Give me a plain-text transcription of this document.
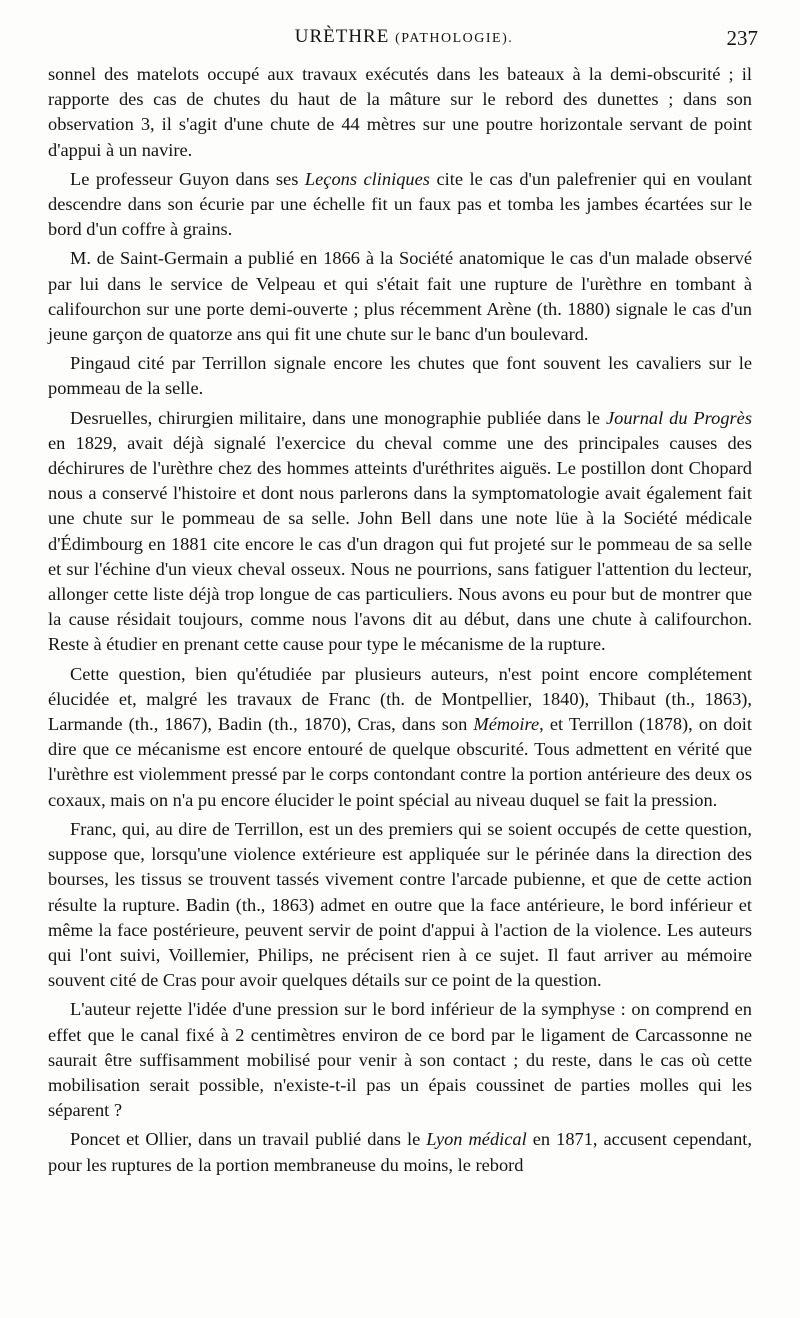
URÈTHRE (PATHOLOGIE).	237

sonnel des matelots occupé aux travaux exécutés dans les bateaux à la demi-obscurité ; il rapporte des cas de chutes du haut de la mâture sur le rebord des dunettes ; dans son observation 3, il s'agit d'une chute de 44 mètres sur une poutre horizontale servant de point d'appui à un navire.

Le professeur Guyon dans ses Leçons cliniques cite le cas d'un palefrenier qui en voulant descendre dans son écurie par une échelle fit un faux pas et tomba les jambes écartées sur le bord d'un coffre à grains.

M. de Saint-Germain a publié en 1866 à la Société anatomique le cas d'un malade observé par lui dans le service de Velpeau et qui s'était fait une rupture de l'urèthre en tombant à califourchon sur une porte demi-ouverte ; plus récemment Arène (th. 1880) signale le cas d'un jeune garçon de quatorze ans qui fit une chute sur le banc d'un boulevard.

Pingaud cité par Terrillon signale encore les chutes que font souvent les cavaliers sur le pommeau de la selle.

Desruelles, chirurgien militaire, dans une monographie publiée dans le Journal du Progrès en 1829, avait déjà signalé l'exercice du cheval comme une des principales causes des déchirures de l'urèthre chez des hommes atteints d'uréthrites aiguës. Le postillon dont Chopard nous a conservé l'histoire et dont nous parlerons dans la symptomatologie avait également fait une chute sur le pommeau de sa selle. John Bell dans une note lüe à la Société médicale d'Édimbourg en 1881 cite encore le cas d'un dragon qui fut projeté sur le pommeau de sa selle et sur l'échine d'un vieux cheval osseux. Nous ne pourrions, sans fatiguer l'attention du lecteur, allonger cette liste déjà trop longue de cas particuliers. Nous avons eu pour but de montrer que la cause résidait toujours, comme nous l'avons dit au début, dans une chute à califourchon. Reste à étudier en prenant cette cause pour type le mécanisme de la rupture.

Cette question, bien qu'étudiée par plusieurs auteurs, n'est point encore complétement élucidée et, malgré les travaux de Franc (th. de Montpellier, 1840), Thibaut (th., 1863), Larmande (th., 1867), Badin (th., 1870), Cras, dans son Mémoire, et Terrillon (1878), on doit dire que ce mécanisme est encore entouré de quelque obscurité. Tous admettent en vérité que l'urèthre est violemment pressé par le corps contondant contre la portion antérieure des deux os coxaux, mais on n'a pu encore élucider le point spécial au niveau duquel se fait la pression.

Franc, qui, au dire de Terrillon, est un des premiers qui se soient occupés de cette question, suppose que, lorsqu'une violence extérieure est appliquée sur le périnée dans la direction des bourses, les tissus se trouvent tassés vivement contre l'arcade pubienne, et que de cette action résulte la rupture. Badin (th., 1863) admet en outre que la face antérieure, le bord inférieur et même la face postérieure, peuvent servir de point d'appui à l'action de la violence. Les auteurs qui l'ont suivi, Voillemier, Philips, ne précisent rien à ce sujet. Il faut arriver au mémoire souvent cité de Cras pour avoir quelques détails sur ce point de la question.

L'auteur rejette l'idée d'une pression sur le bord inférieur de la symphyse : on comprend en effet que le canal fixé à 2 centimètres environ de ce bord par le ligament de Carcassonne ne saurait être suffisamment mobilisé pour venir à son contact ; du reste, dans le cas où cette mobilisation serait possible, n'existe-t-il pas un épais coussinet de parties molles qui les séparent ?

Poncet et Ollier, dans un travail publié dans le Lyon médical en 1871, accusent cependant, pour les ruptures de la portion membraneuse du moins, le rebord
